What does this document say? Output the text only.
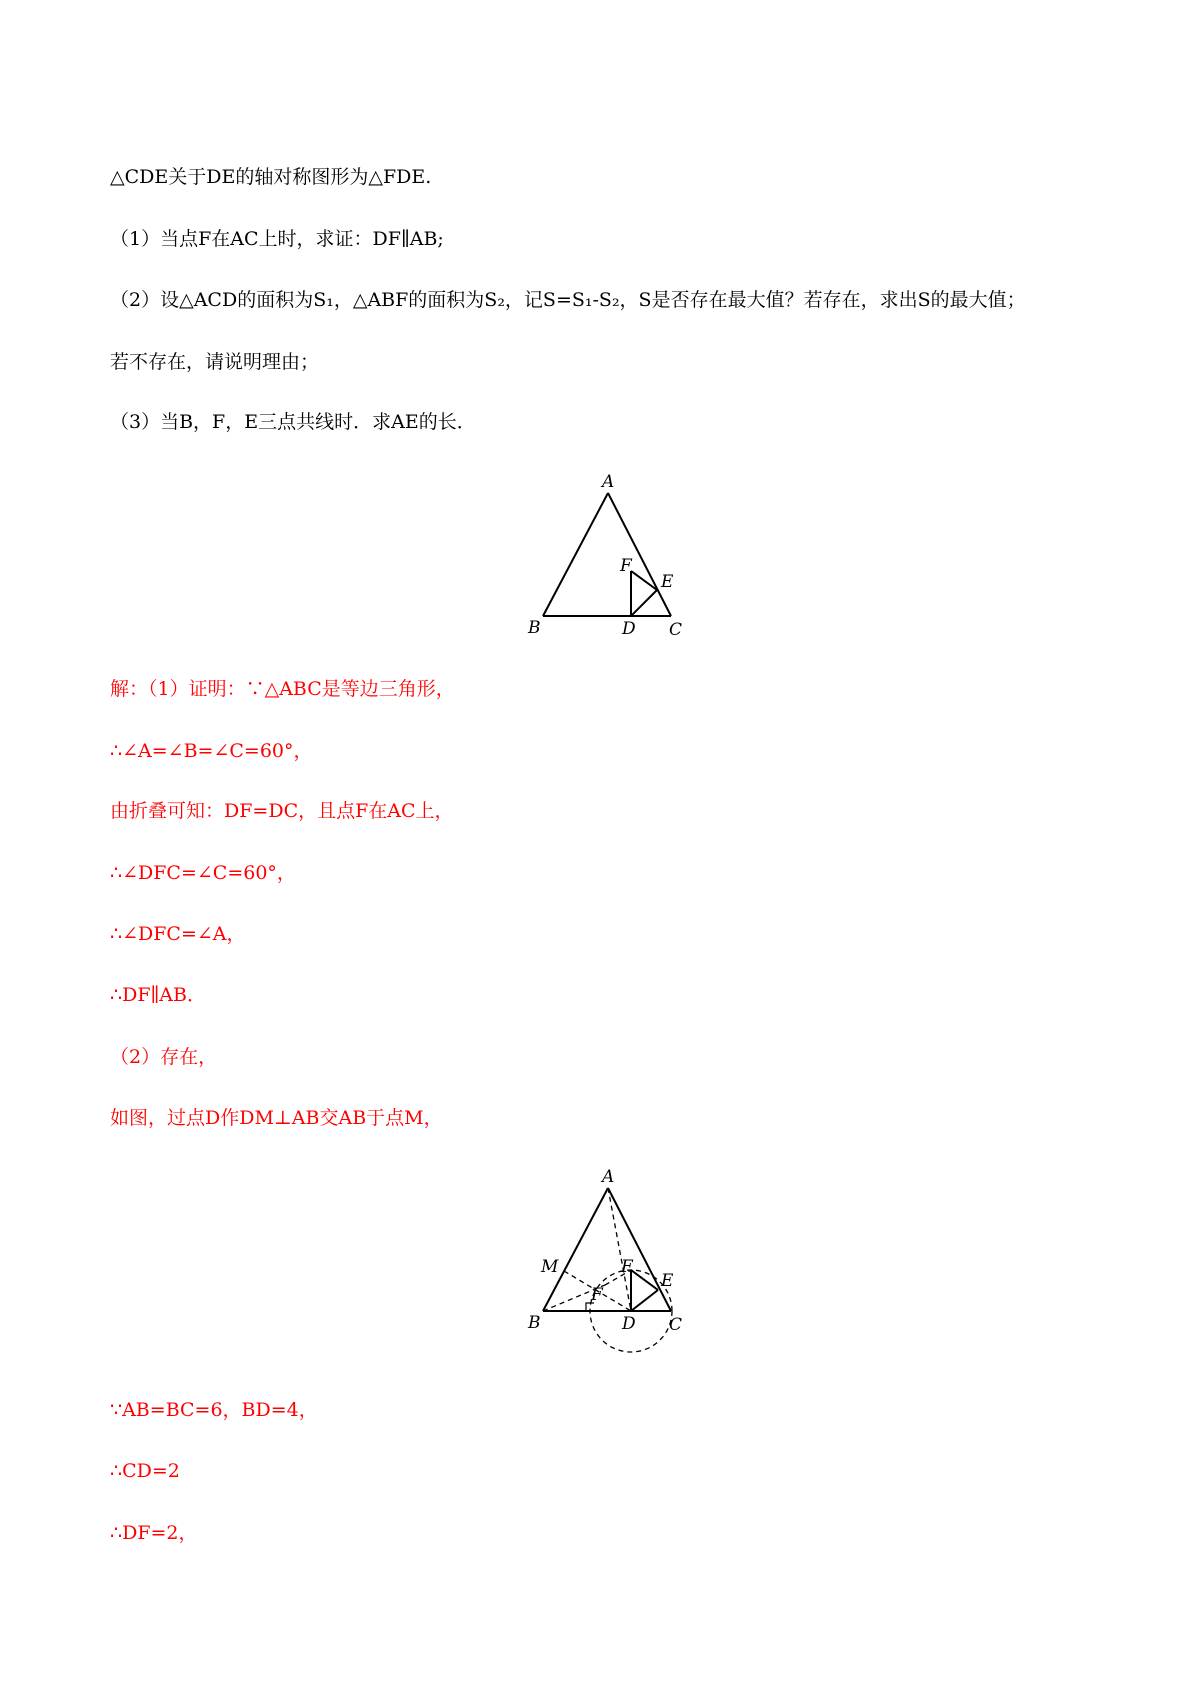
△CDE关于DE的轴对称图形为△FDE.
（1）当点F在AC上时，求证：DF∥AB;
（2）设△ACD的面积为S₁，△ABF的面积为S₂，记S=S₁-S₂，S是否存在最大值？若存在，求出S的最大值；
若不存在，请说明理由；
（3）当B，F，E三点共线时．求AE的长．
A
B	C
D
E
F
解：（1）证明：∵△ABC是等边三角形，
∴∠A=∠B=∠C=60°，
由折叠可知：DF=DC，且点F在AC上，
∴∠DFC=∠C=60°，
∴∠DFC=∠A，
∴DF∥AB．
（2）存在，
如图，过点D作DM⊥AB交AB于点M，
A
B	C
D
E
F
F
M
∵AB=BC=6，BD=4，
∴CD=2
∴DF=2，
